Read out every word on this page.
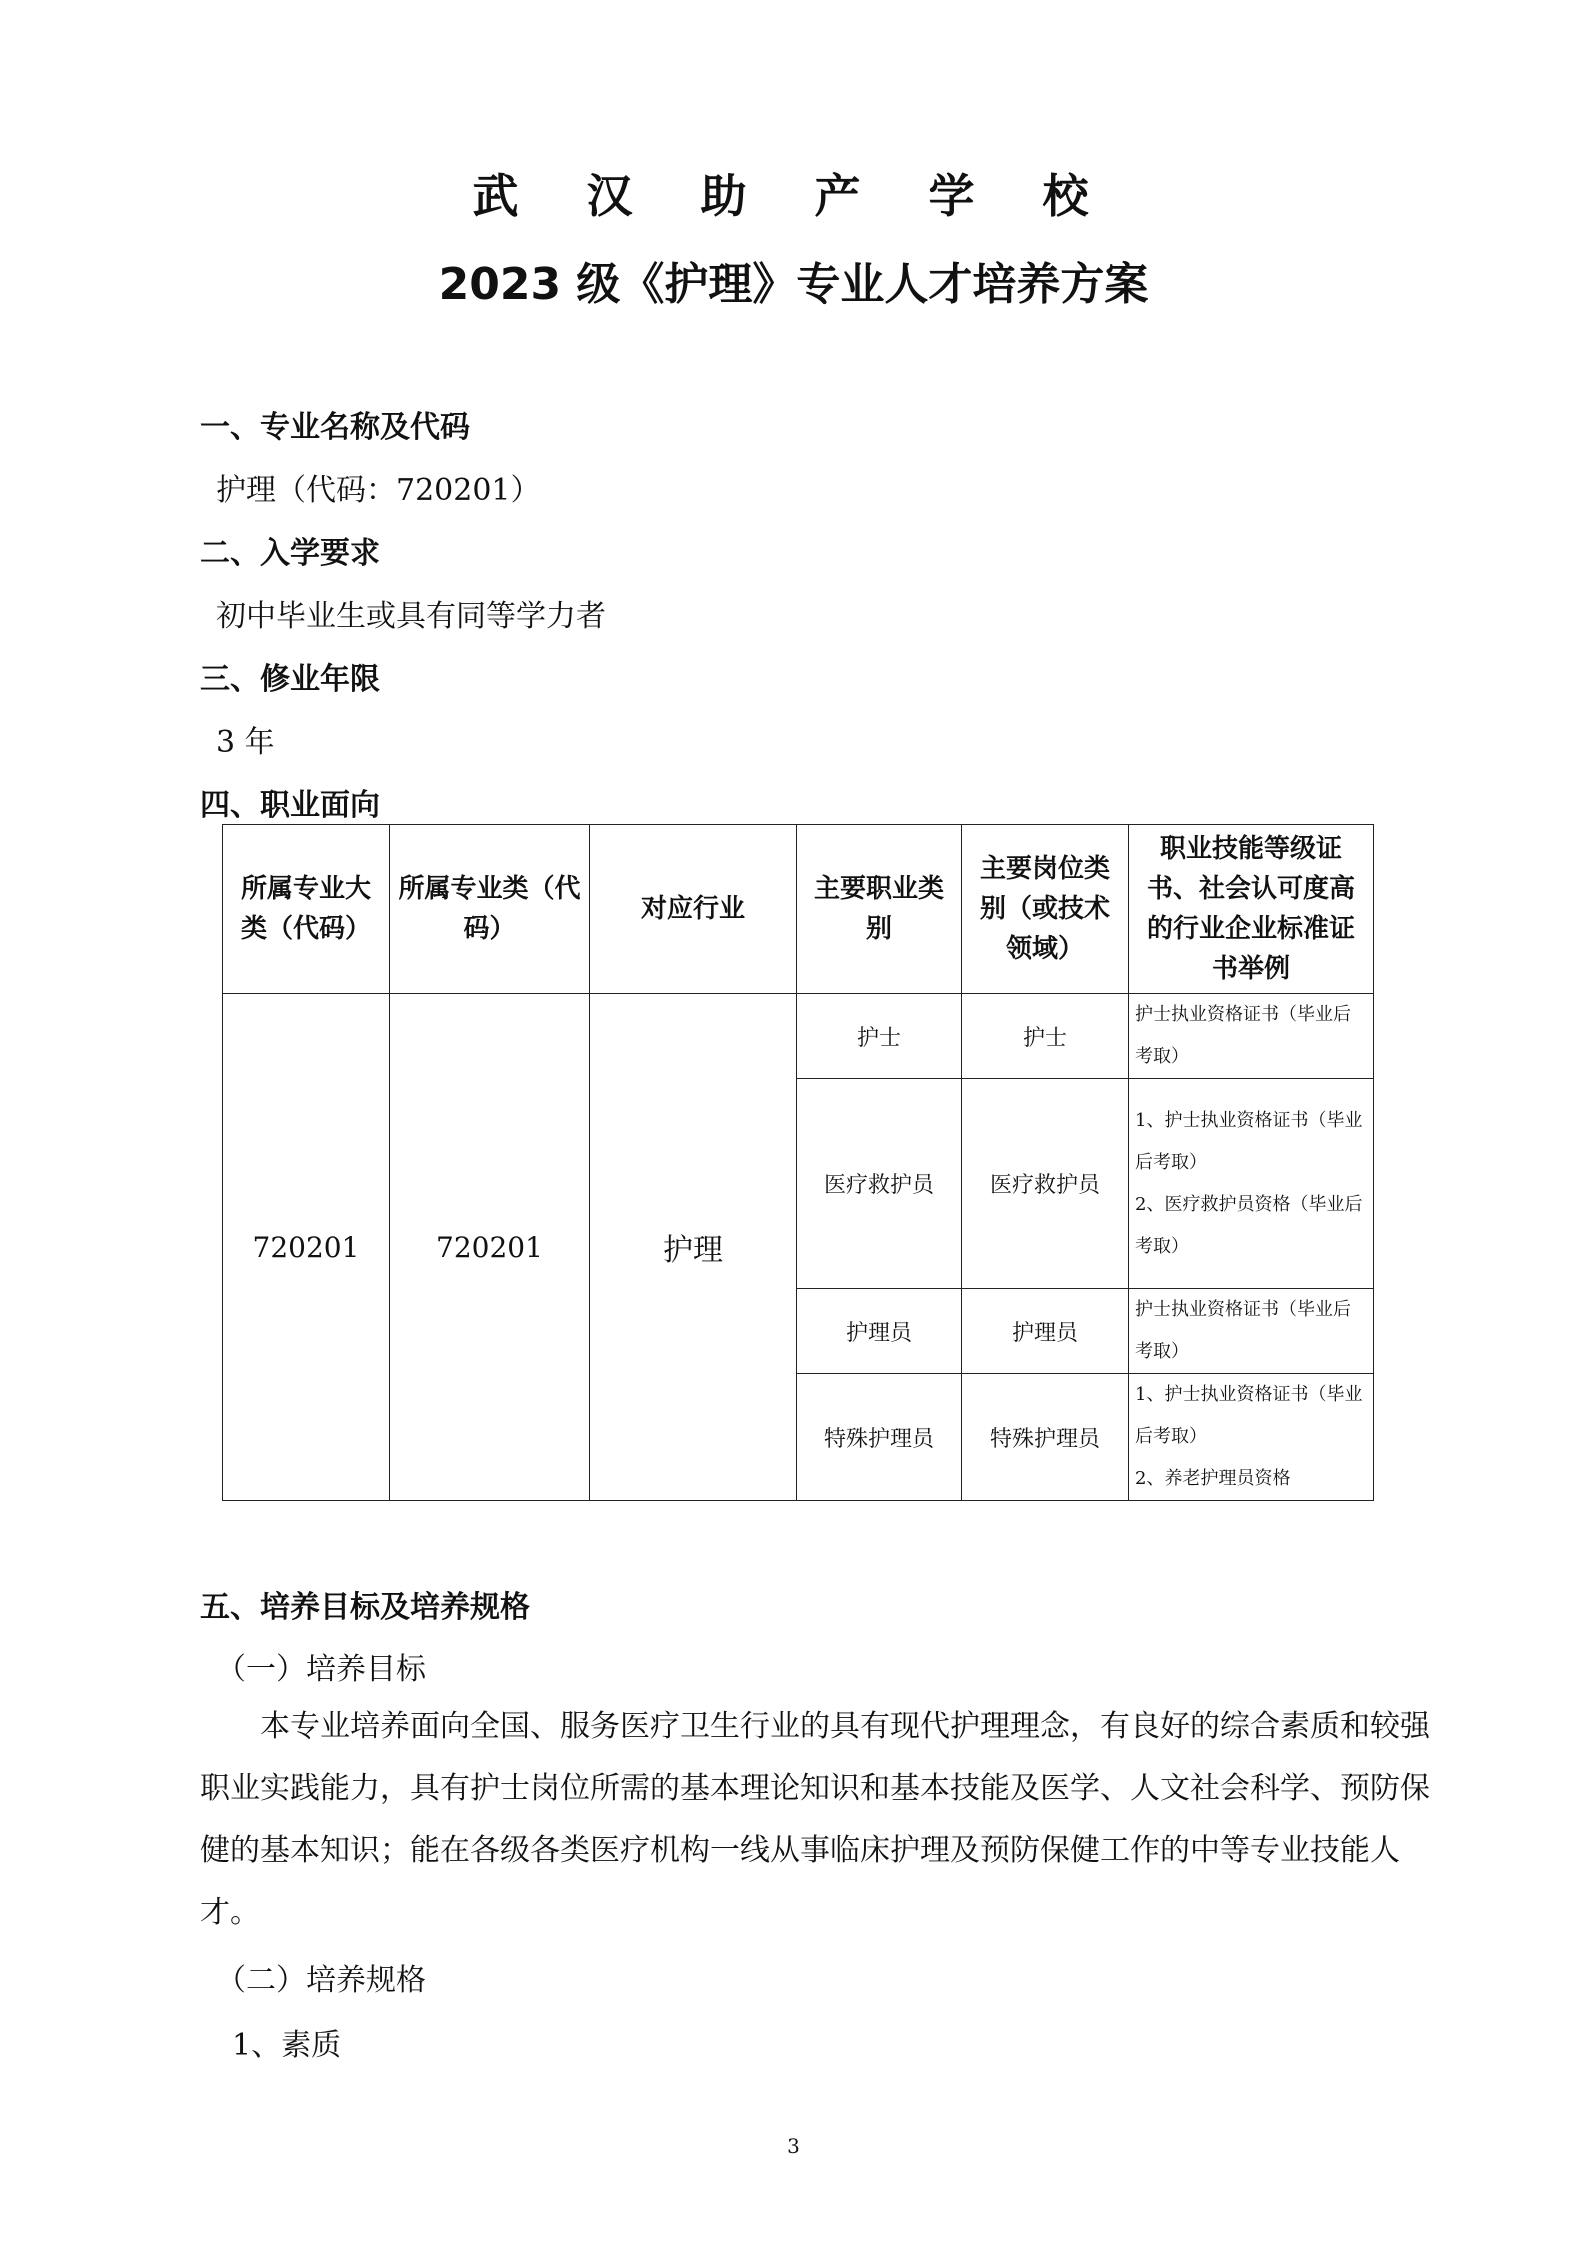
武 汉 助 产 学 校
2023 级《护理》专业人才培养方案
一、专业名称及代码
护理（代码：720201）
二、入学要求
初中毕业生或具有同等学力者
三、修业年限
3 年
四、职业面向
所属专业大类（代码）	所属专业类（代码）	对应行业	主要职业类别	主要岗位类别（或技术领域）	职业技能等级证书、社会认可度高的行业企业标准证书举例
720201	720201	护理	护士	护士	护士执业资格证书（毕业后考取）

			医疗救护员	医疗救护员	1、护士执业资格证书（毕业后考取）
2、医疗救护员资格（毕业后考取）

			护理员	护理员	护士执业资格证书（毕业后考取）

			特殊护理员	特殊护理员	1、护士执业资格证书（毕业后考取）
2、养老护理员资格
五、培养目标及培养规格
（一）培养目标
本专业培养面向全国、服务医疗卫生行业的具有现代护理理念，有良好的综合素质和较强职业实践能力，具有护士岗位所需的基本理论知识和基本技能及医学、人文社会科学、预防保健的基本知识；能在各级各类医疗机构一线从事临床护理及预防保健工作的中等专业技能人才。
（二）培养规格
1、素质
3
